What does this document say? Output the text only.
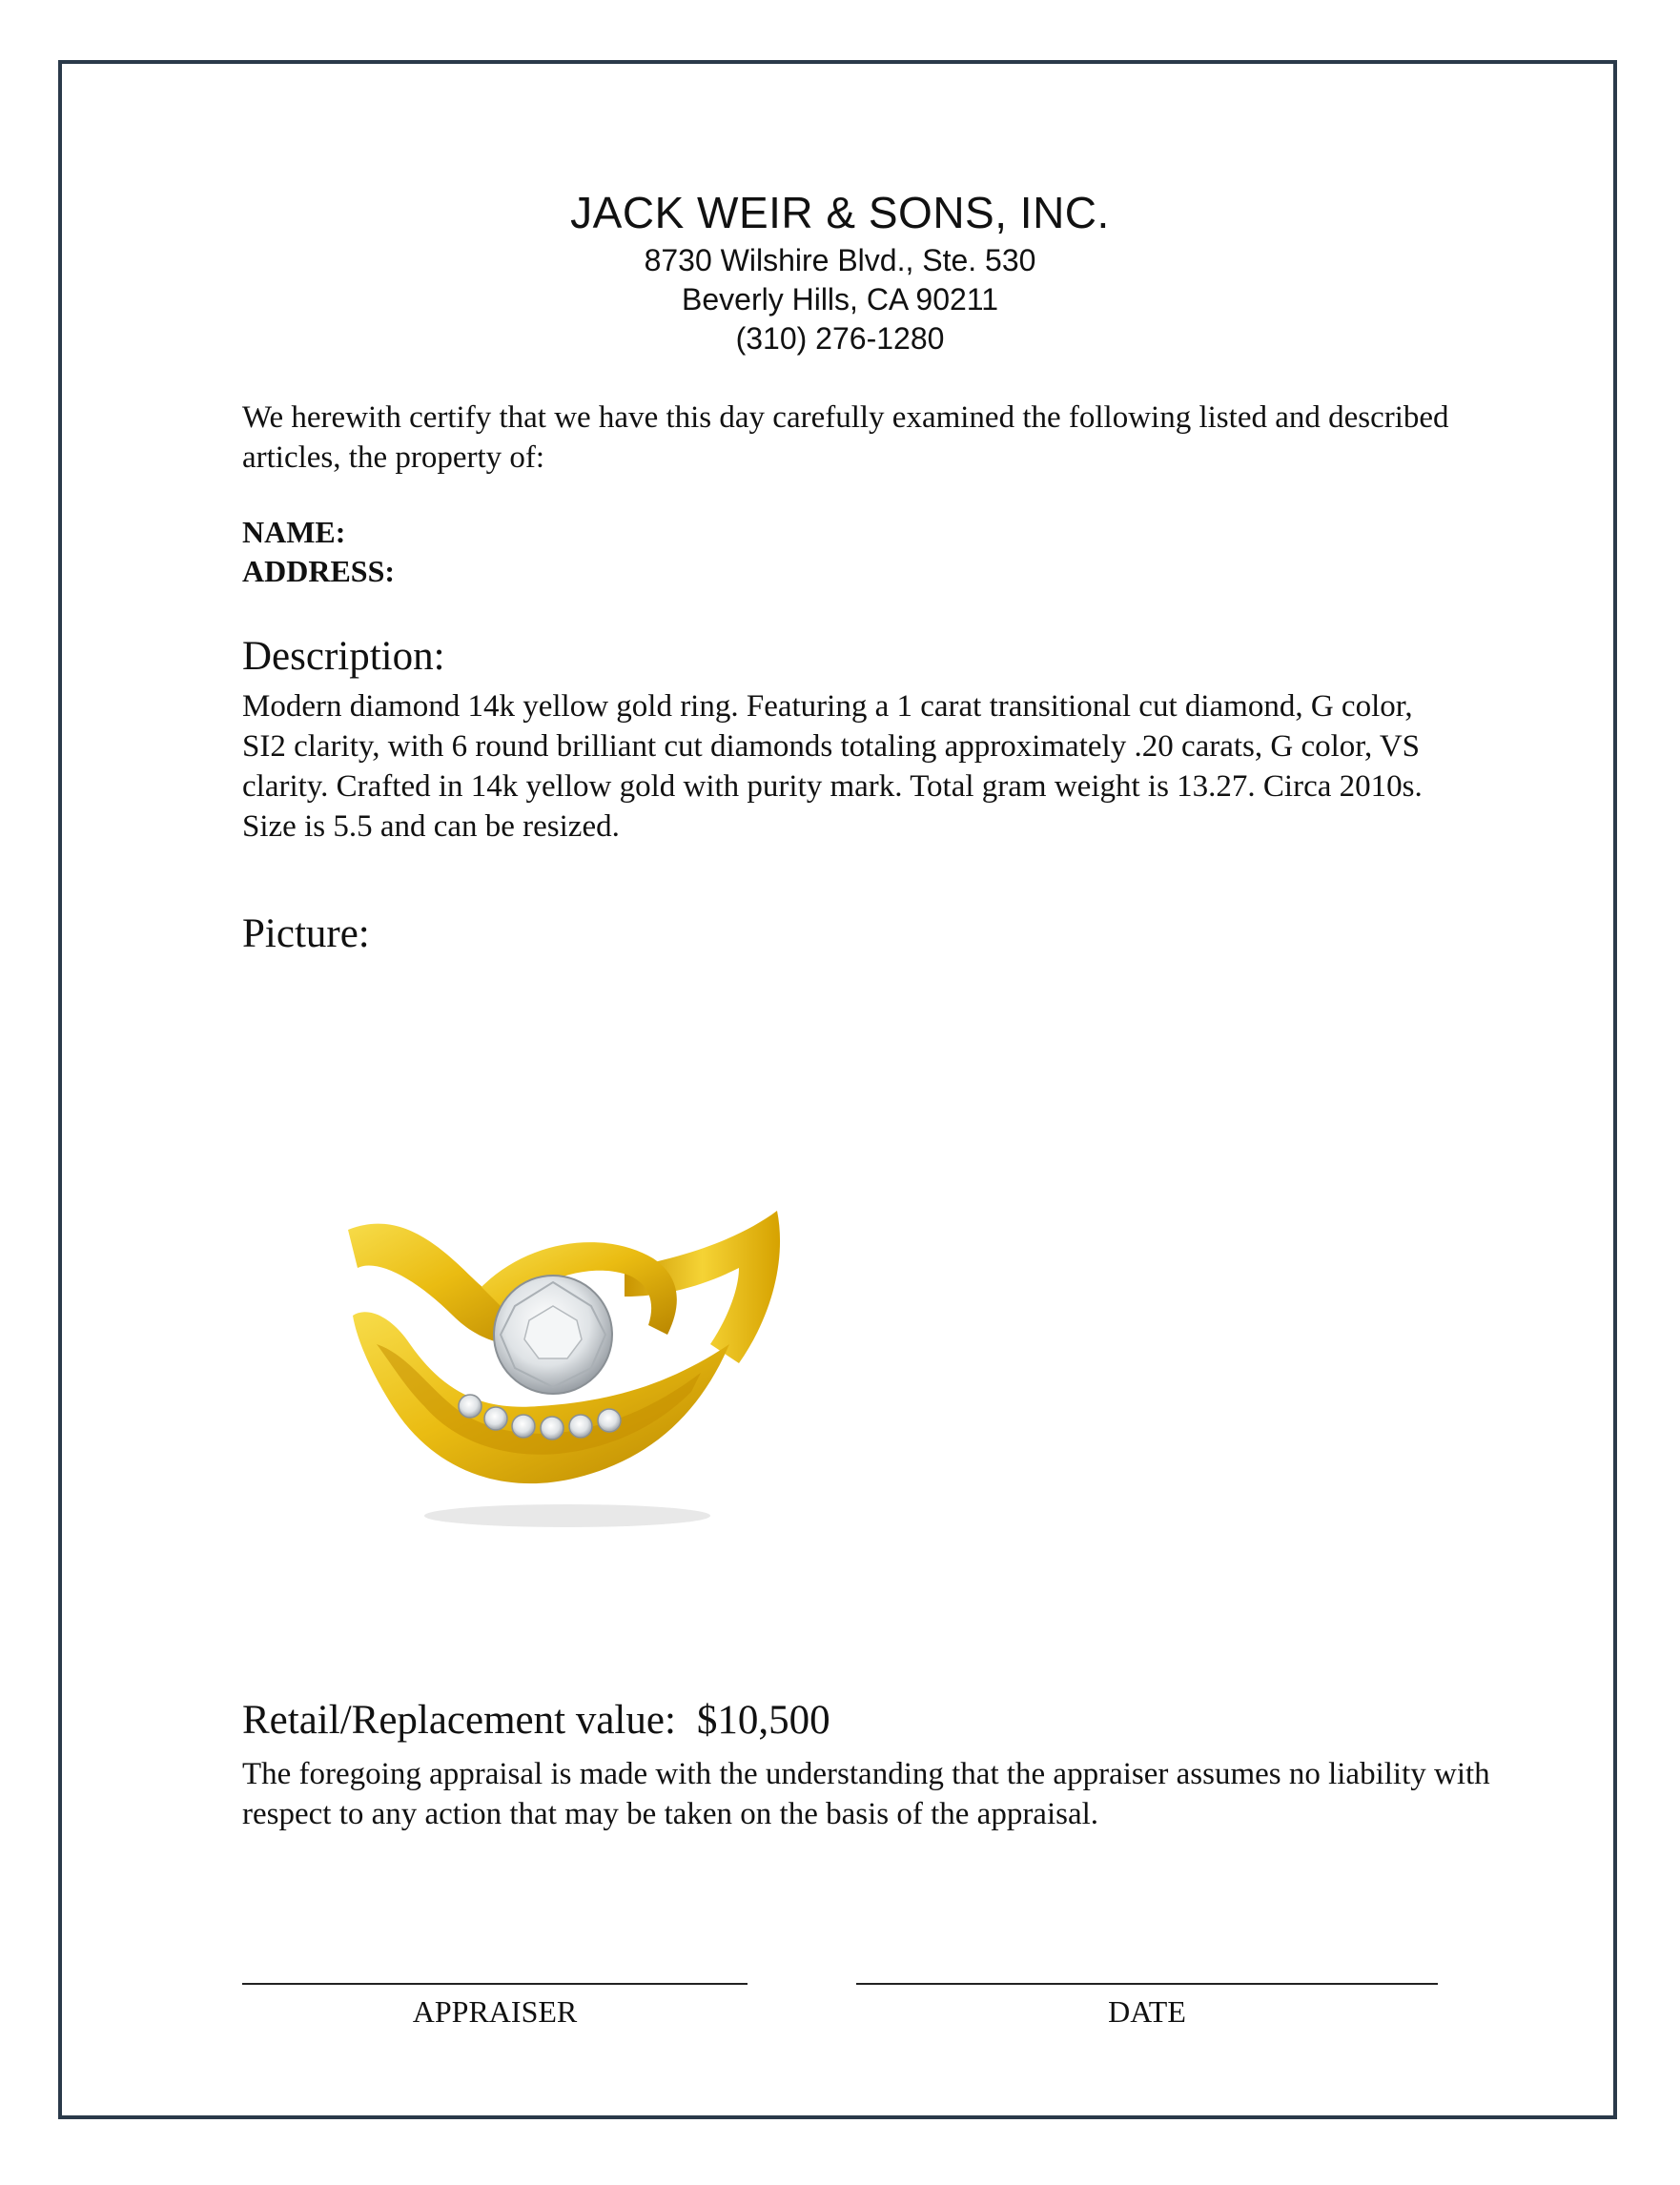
JACK WEIR & SONS, INC.
8730 Wilshire Blvd., Ste. 530
Beverly Hills, CA 90211
(310) 276-1280
We herewith certify that we have this day carefully examined the following listed and described articles, the property of:
NAME:
ADDRESS:
Description:
Modern diamond 14k yellow gold ring. Featuring a 1 carat transitional cut diamond, G color, SI2 clarity, with 6 round brilliant cut diamonds totaling approximately .20 carats, G color, VS clarity. Crafted in 14k yellow gold with purity mark. Total gram weight is 13.27. Circa 2010s. Size is 5.5 and can be resized.
Picture:
Retail/Replacement value: $10,500
The foregoing appraisal is made with the understanding that the appraiser assumes no liability with respect to any action that may be taken on the basis of the appraisal.
APPRAISER	DATE
